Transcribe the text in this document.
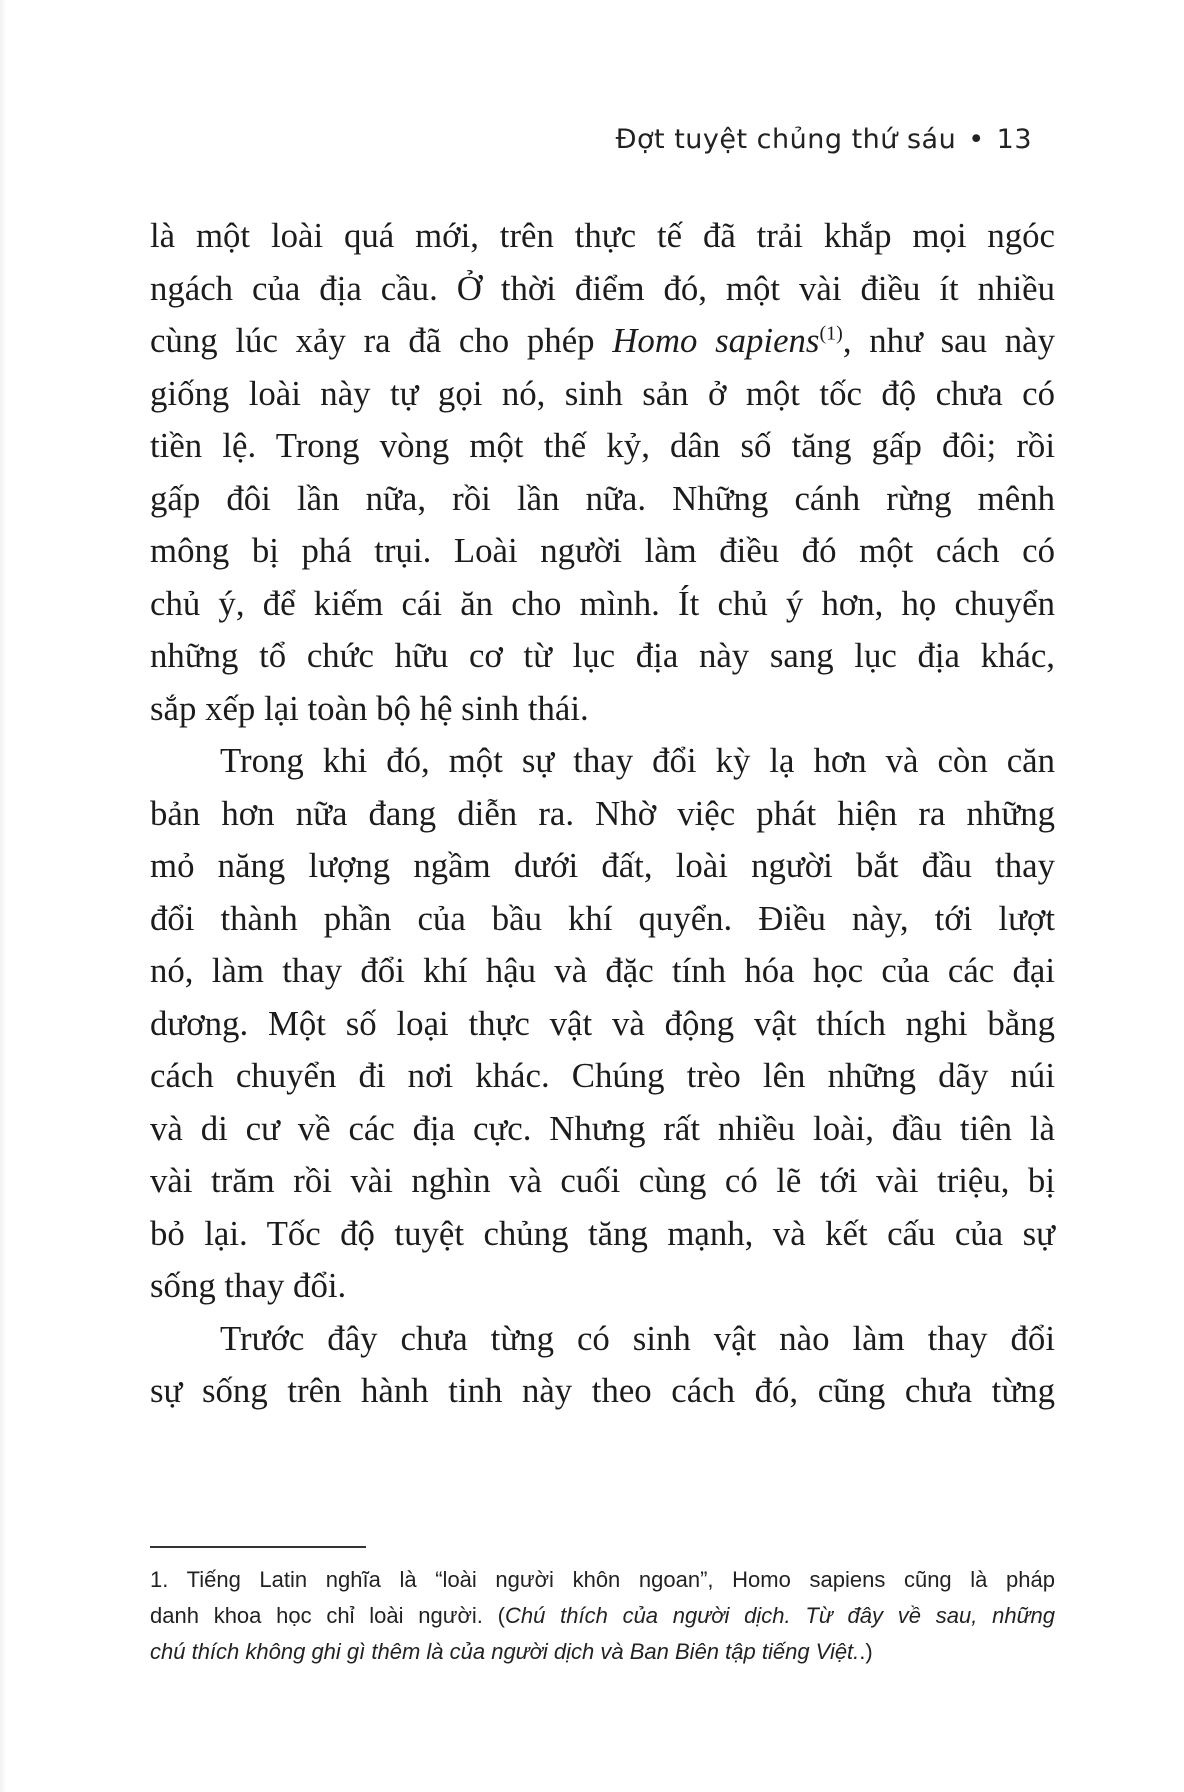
Đợt tuyệt chủng thứ sáu • 13
là một loài quá mới, trên thực tế đã trải khắp mọi ngóc
ngách của địa cầu. Ở thời điểm đó, một vài điều ít nhiều
cùng lúc xảy ra đã cho phép Homo sapiens$^{(1)}$, như sau này
giống loài này tự gọi nó, sinh sản ở một tốc độ chưa có
tiền lệ. Trong vòng một thế kỷ, dân số tăng gấp đôi; rồi
gấp đôi lần nữa, rồi lần nữa. Những cánh rừng mênh
mông bị phá trụi. Loài người làm điều đó một cách có
chủ ý, để kiếm cái ăn cho mình. Ít chủ ý hơn, họ chuyển
những tổ chức hữu cơ từ lục địa này sang lục địa khác,
sắp xếp lại toàn bộ hệ sinh thái.
Trong khi đó, một sự thay đổi kỳ lạ hơn và còn căn
bản hơn nữa đang diễn ra. Nhờ việc phát hiện ra những
mỏ năng lượng ngầm dưới đất, loài người bắt đầu thay
đổi thành phần của bầu khí quyển. Điều này, tới lượt
nó, làm thay đổi khí hậu và đặc tính hóa học của các đại
dương. Một số loại thực vật và động vật thích nghi bằng
cách chuyển đi nơi khác. Chúng trèo lên những dãy núi
và di cư về các địa cực. Nhưng rất nhiều loài, đầu tiên là
vài trăm rồi vài nghìn và cuối cùng có lẽ tới vài triệu, bị
bỏ lại. Tốc độ tuyệt chủng tăng mạnh, và kết cấu của sự
sống thay đổi.
Trước đây chưa từng có sinh vật nào làm thay đổi
sự sống trên hành tinh này theo cách đó, cũng chưa từng
1. Tiếng Latin nghĩa là “loài người khôn ngoan”, Homo sapiens cũng là pháp
danh khoa học chỉ loài người. (Chú thích của người dịch. Từ đây về sau, những
chú thích không ghi gì thêm là của người dịch và Ban Biên tập tiếng Việt..)
